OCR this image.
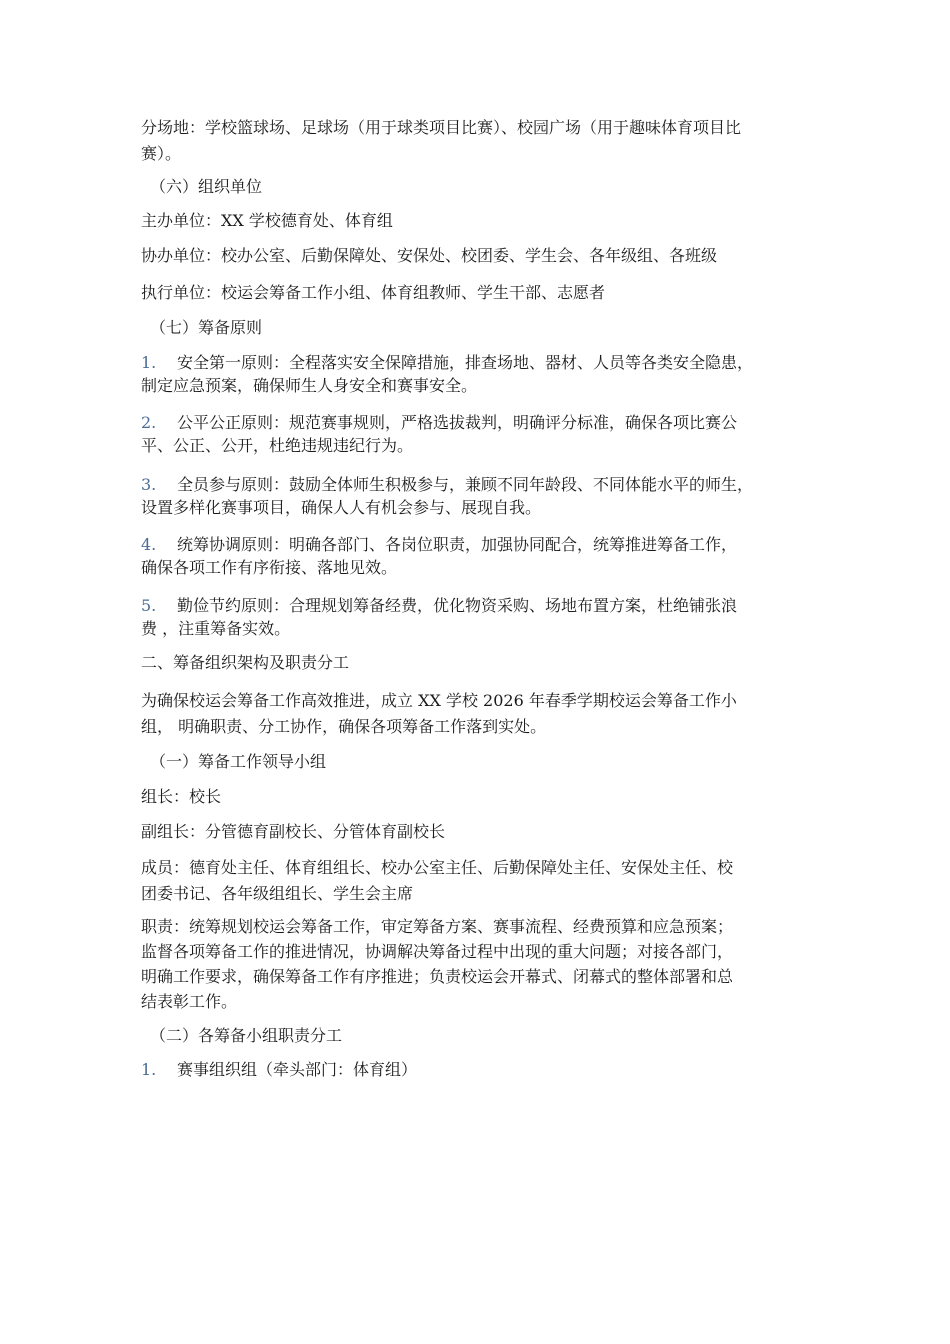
分场地：学校篮球场、足球场（用于球类项目比赛）、校园广场（用于趣味体育项目比
赛）。
（六）组织单位
主办单位：XX 学校德育处、体育组
协办单位：校办公室、后勤保障处、安保处、校团委、学生会、各年级组、各班级
执行单位：校运会筹备工作小组、体育组教师、学生干部、志愿者
（七）筹备原则
1. 安全第一原则：全程落实安全保障措施，排查场地、器材、人员等各类安全隐患，
制定应急预案，确保师生人身安全和赛事安全。
2. 公平公正原则：规范赛事规则，严格选拔裁判，明确评分标准，确保各项比赛公
平、公正、公开，杜绝违规违纪行为。
3. 全员参与原则：鼓励全体师生积极参与，兼顾不同年龄段、不同体能水平的师生，
设置多样化赛事项目，确保人人有机会参与、展现自我。
4. 统筹协调原则：明确各部门、各岗位职责，加强协同配合，统筹推进筹备工作，
确保各项工作有序衔接、落地见效。
5. 勤俭节约原则：合理规划筹备经费，优化物资采购、场地布置方案，杜绝铺张浪
费 ，注重筹备实效。
二、筹备组织架构及职责分工
为确保校运会筹备工作高效推进，成立 XX 学校 2026 年春季学期校运会筹备工作小
组， 明确职责、分工协作，确保各项筹备工作落到实处。
（一）筹备工作领导小组
组长：校长
副组长：分管德育副校长、分管体育副校长
成员：德育处主任、体育组组长、校办公室主任、后勤保障处主任、安保处主任、校
团委书记、各年级组组长、学生会主席
职责：统筹规划校运会筹备工作，审定筹备方案、赛事流程、经费预算和应急预案；
监督各项筹备工作的推进情况，协调解决筹备过程中出现的重大问题；对接各部门，
明确工作要求，确保筹备工作有序推进；负责校运会开幕式、闭幕式的整体部署和总
结表彰工作。
（二）各筹备小组职责分工
1. 赛事组织组（牵头部门：体育组）
